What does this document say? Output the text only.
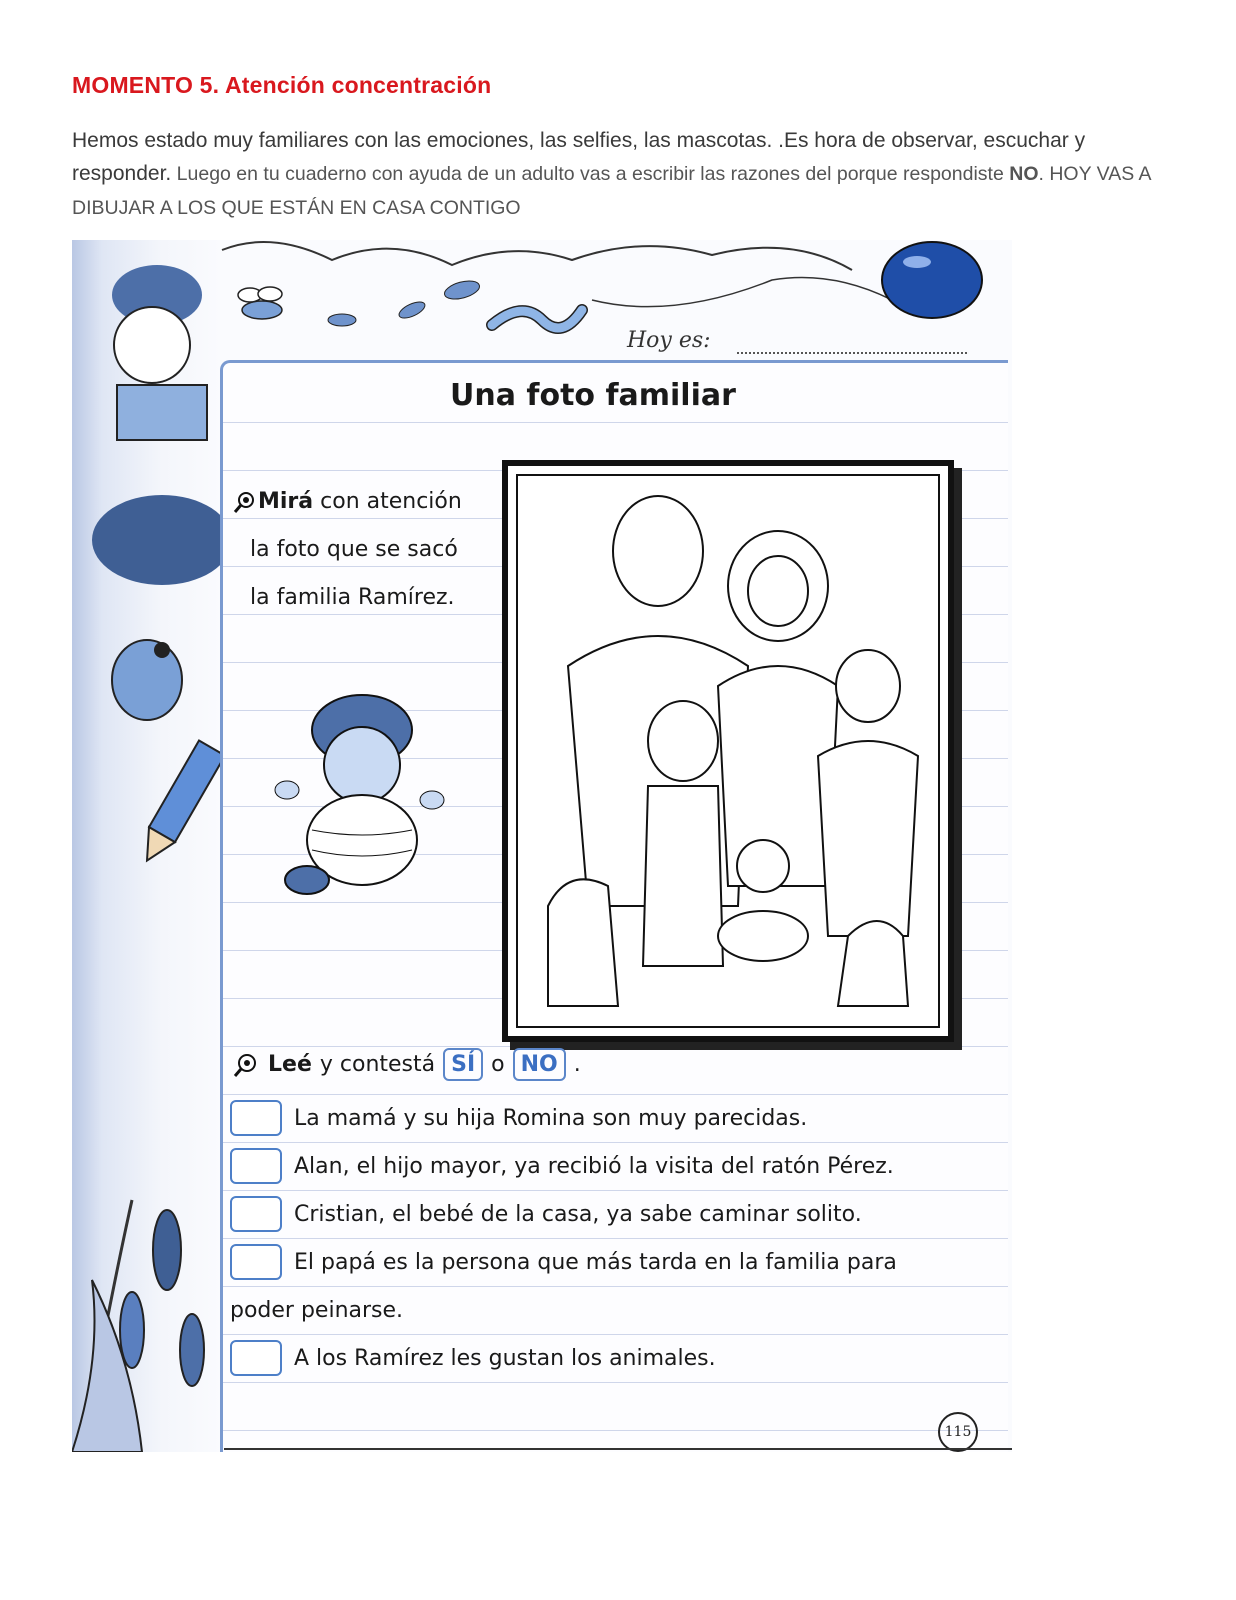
MOMENTO 5. Atención concentración
Hemos estado muy familiares con las emociones, las selfies, las mascotas. .Es hora de observar, escuchar y responder. Luego en tu cuaderno con ayuda de un adulto vas a escribir las razones del porque respondiste NO. HOY VAS A DIBUJAR A LOS QUE ESTÁN EN CASA CONTIGO
Hoy es:
Una foto familiar
Mirá con atención
la foto que se sacó
la familia Ramírez.
Leé y contestá SÍ o NO .
La mamá y su hija Romina son muy parecidas.
Alan, el hijo mayor, ya recibió la visita del ratón Pérez.
Cristian, el bebé de la casa, ya sabe caminar solito.
El papá es la persona que más tarda en la familia para
poder peinarse.
A los Ramírez les gustan los animales.
115
